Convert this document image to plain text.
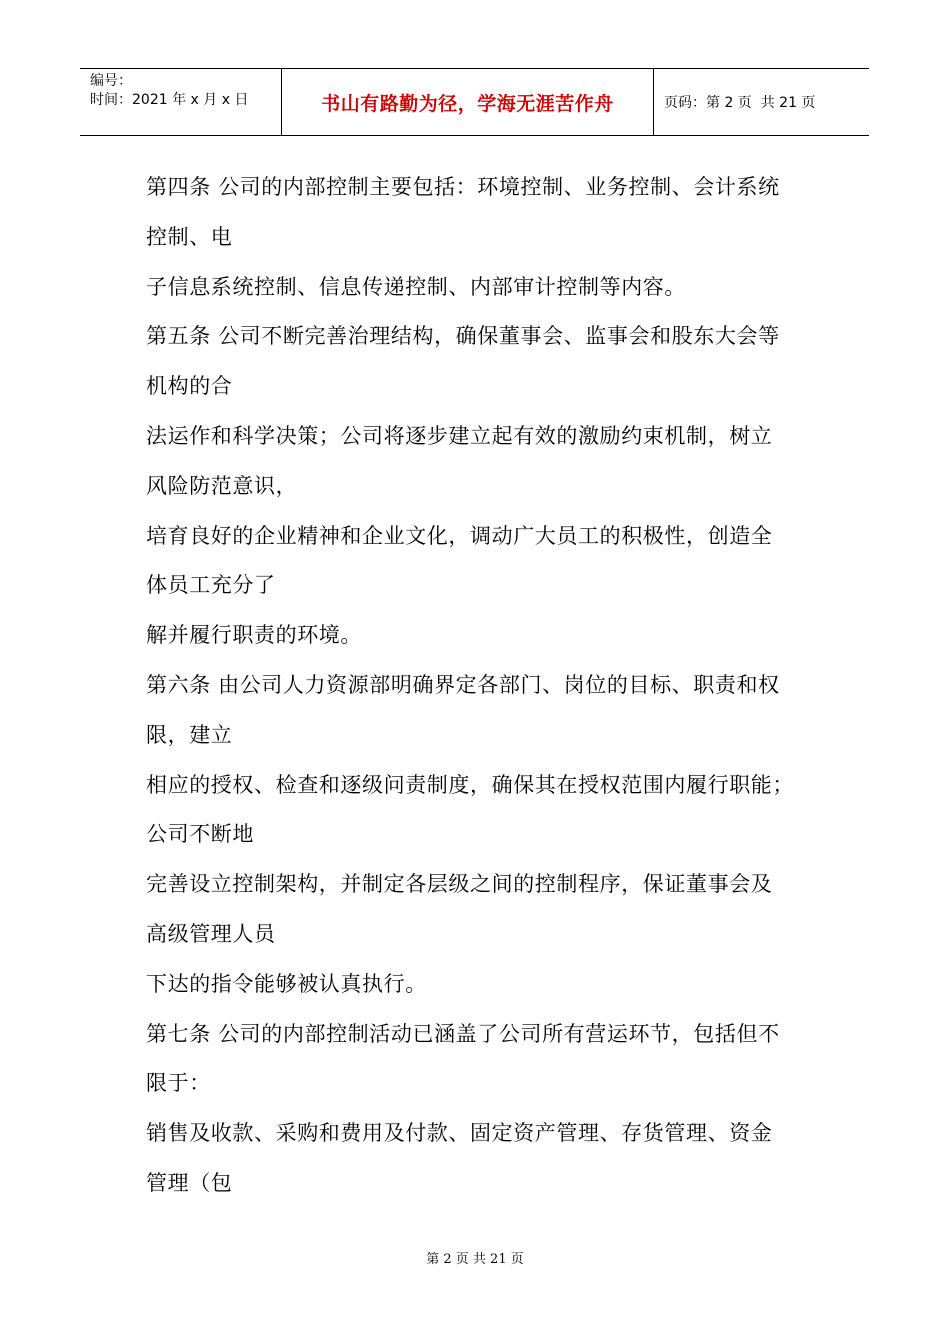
编号：
时间：2021 年 x 月 x 日	书山有路勤为径，学海无涯苦作舟	页码：第 2 页  共 21 页
第四条 公司的内部控制主要包括：环境控制、业务控制、会计系统
控制、电
子信息系统控制、信息传递控制、内部审计控制等内容。
第五条 公司不断完善治理结构，确保董事会、监事会和股东大会等
机构的合
法运作和科学决策；公司将逐步建立起有效的激励约束机制，树立
风险防范意识，
培育良好的企业精神和企业文化，调动广大员工的积极性，创造全
体员工充分了
解并履行职责的环境。
第六条 由公司人力资源部明确界定各部门、岗位的目标、职责和权
限，建立
相应的授权、检查和逐级问责制度，确保其在授权范围内履行职能；
公司不断地
完善设立控制架构，并制定各层级之间的控制程序，保证董事会及
高级管理人员
下达的指令能够被认真执行。
第七条 公司的内部控制活动已涵盖了公司所有营运环节，包括但不
限于：
销售及收款、采购和费用及付款、固定资产管理、存货管理、资金
管理（包
第 2 页 共 21 页
